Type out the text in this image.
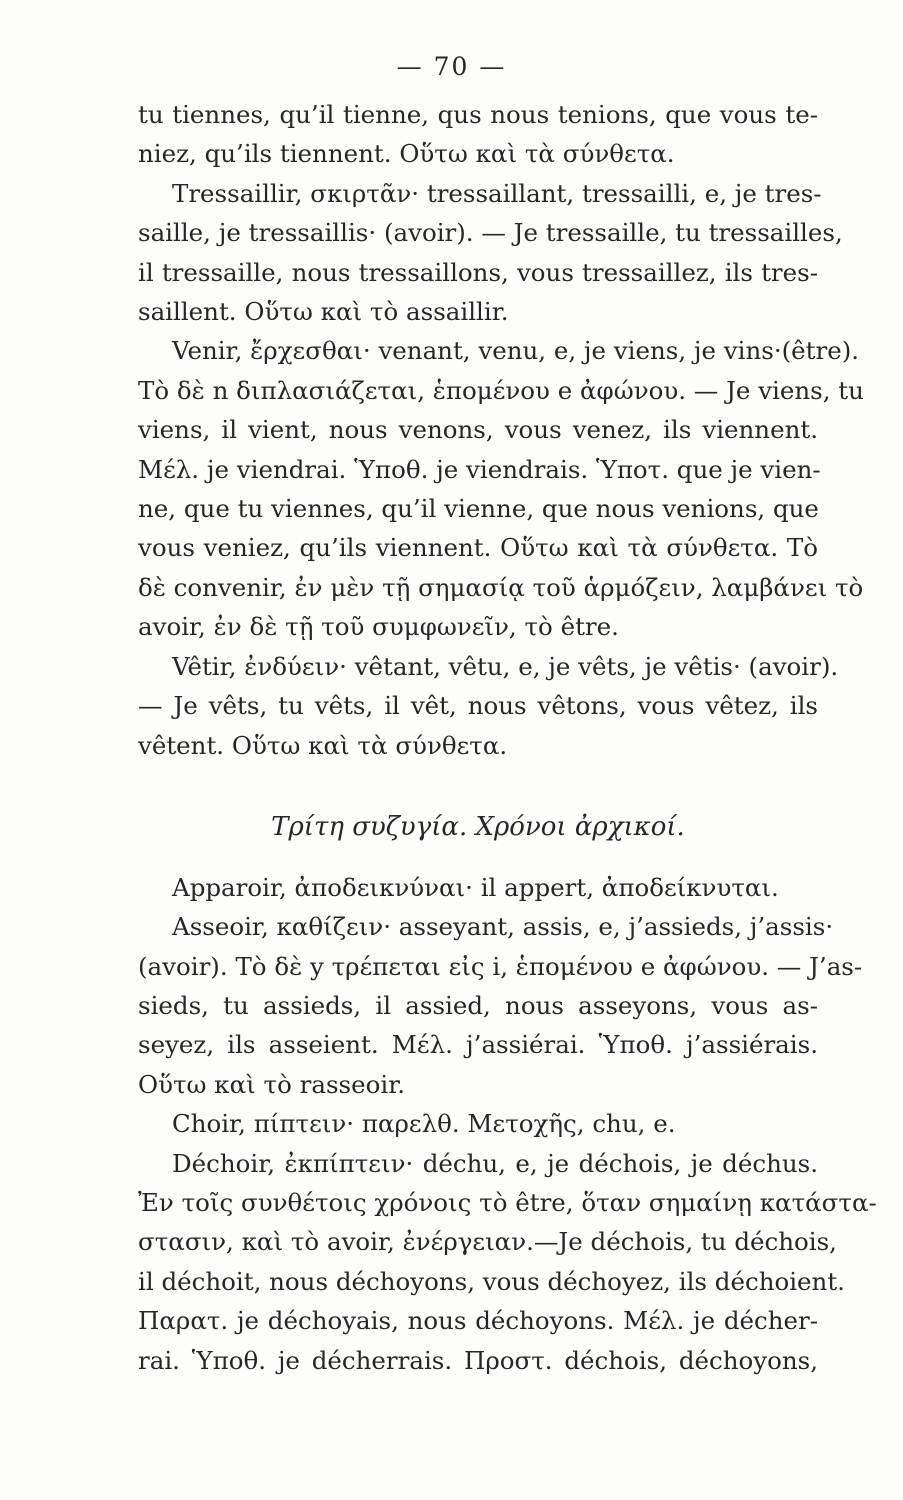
— 70 —
tu tiennes, qu’il tienne, qus nous tenions, que vous te-
niez, qu’ils tiennent. Οὕτω καὶ τὰ σύνθετα.
Tressaillir, σκιρτᾶν· tressaillant, tressailli, e, je tres-
saille, je tressaillis· (avoir). — Je tressaille, tu tressailles,
il tressaille, nous tressaillons, vous tressaillez, ils tres-
saillent. Οὕτω καὶ τὸ assaillir.
Venir, ἔρχεσθαι· venant, venu, e, je viens, je vins·(être).
Τὸ δὲ n διπλασιάζεται, ἑπομένου e ἀφώνου. — Je viens, tu
viens, il vient, nous venons, vous venez, ils viennent.
Μέλ. je viendrai. Ὑποθ. je viendrais. Ὑποτ. que je vien-
ne, que tu viennes, qu’il vienne, que nous venions, que
vous veniez, qu’ils viennent. Οὕτω καὶ τὰ σύνθετα. Τὸ
δὲ convenir, ἐν μὲν τῇ σημασίᾳ τοῦ ἁρμόζειν, λαμβάνει τὸ
avoir, ἐν δὲ τῇ τοῦ συμφωνεῖν, τὸ être.
Vêtir, ἐνδύειν· vêtant, vêtu, e, je vêts, je vêtis· (avoir).
— Je vêts, tu vêts, il vêt, nous vêtons, vous vêtez, ils
vêtent. Οὕτω καὶ τὰ σύνθετα.
Τρίτη συζυγία. Χρόνοι ἀρχικοί.
Apparoir, ἀποδεικνύναι· il appert, ἀποδείκνυται.
Asseoir, καθίζειν· asseyant, assis, e, j’assieds, j’assis·
(avoir). Τὸ δὲ y τρέπεται εἰς i, ἑπομένου e ἀφώνου. — J’as-
sieds, tu assieds, il assied, nous asseyons, vous as-
seyez, ils asseient. Μέλ. j’assiérai. Ὑποθ. j’assiérais.
Οὕτω καὶ τὸ rasseoir.
Choir, πίπτειν· παρελθ. Μετοχῆς, chu, e.
Déchoir, ἐκπίπτειν· déchu, e, je déchois, je déchus.
Ἐν τοῖς συνθέτοις χρόνοις τὸ être, ὅταν σημαίνῃ κατάστα-
στασιν, καὶ τὸ avoir, ἐνέργειαν.—Je déchois, tu déchois,
il déchoit, nous déchoyons, vous déchoyez, ils déchoient.
Παρατ. je déchoyais, nous déchoyons. Μέλ. je décher-
rai. Ὑποθ. je décherrais. Προστ. déchois, déchoyons,
